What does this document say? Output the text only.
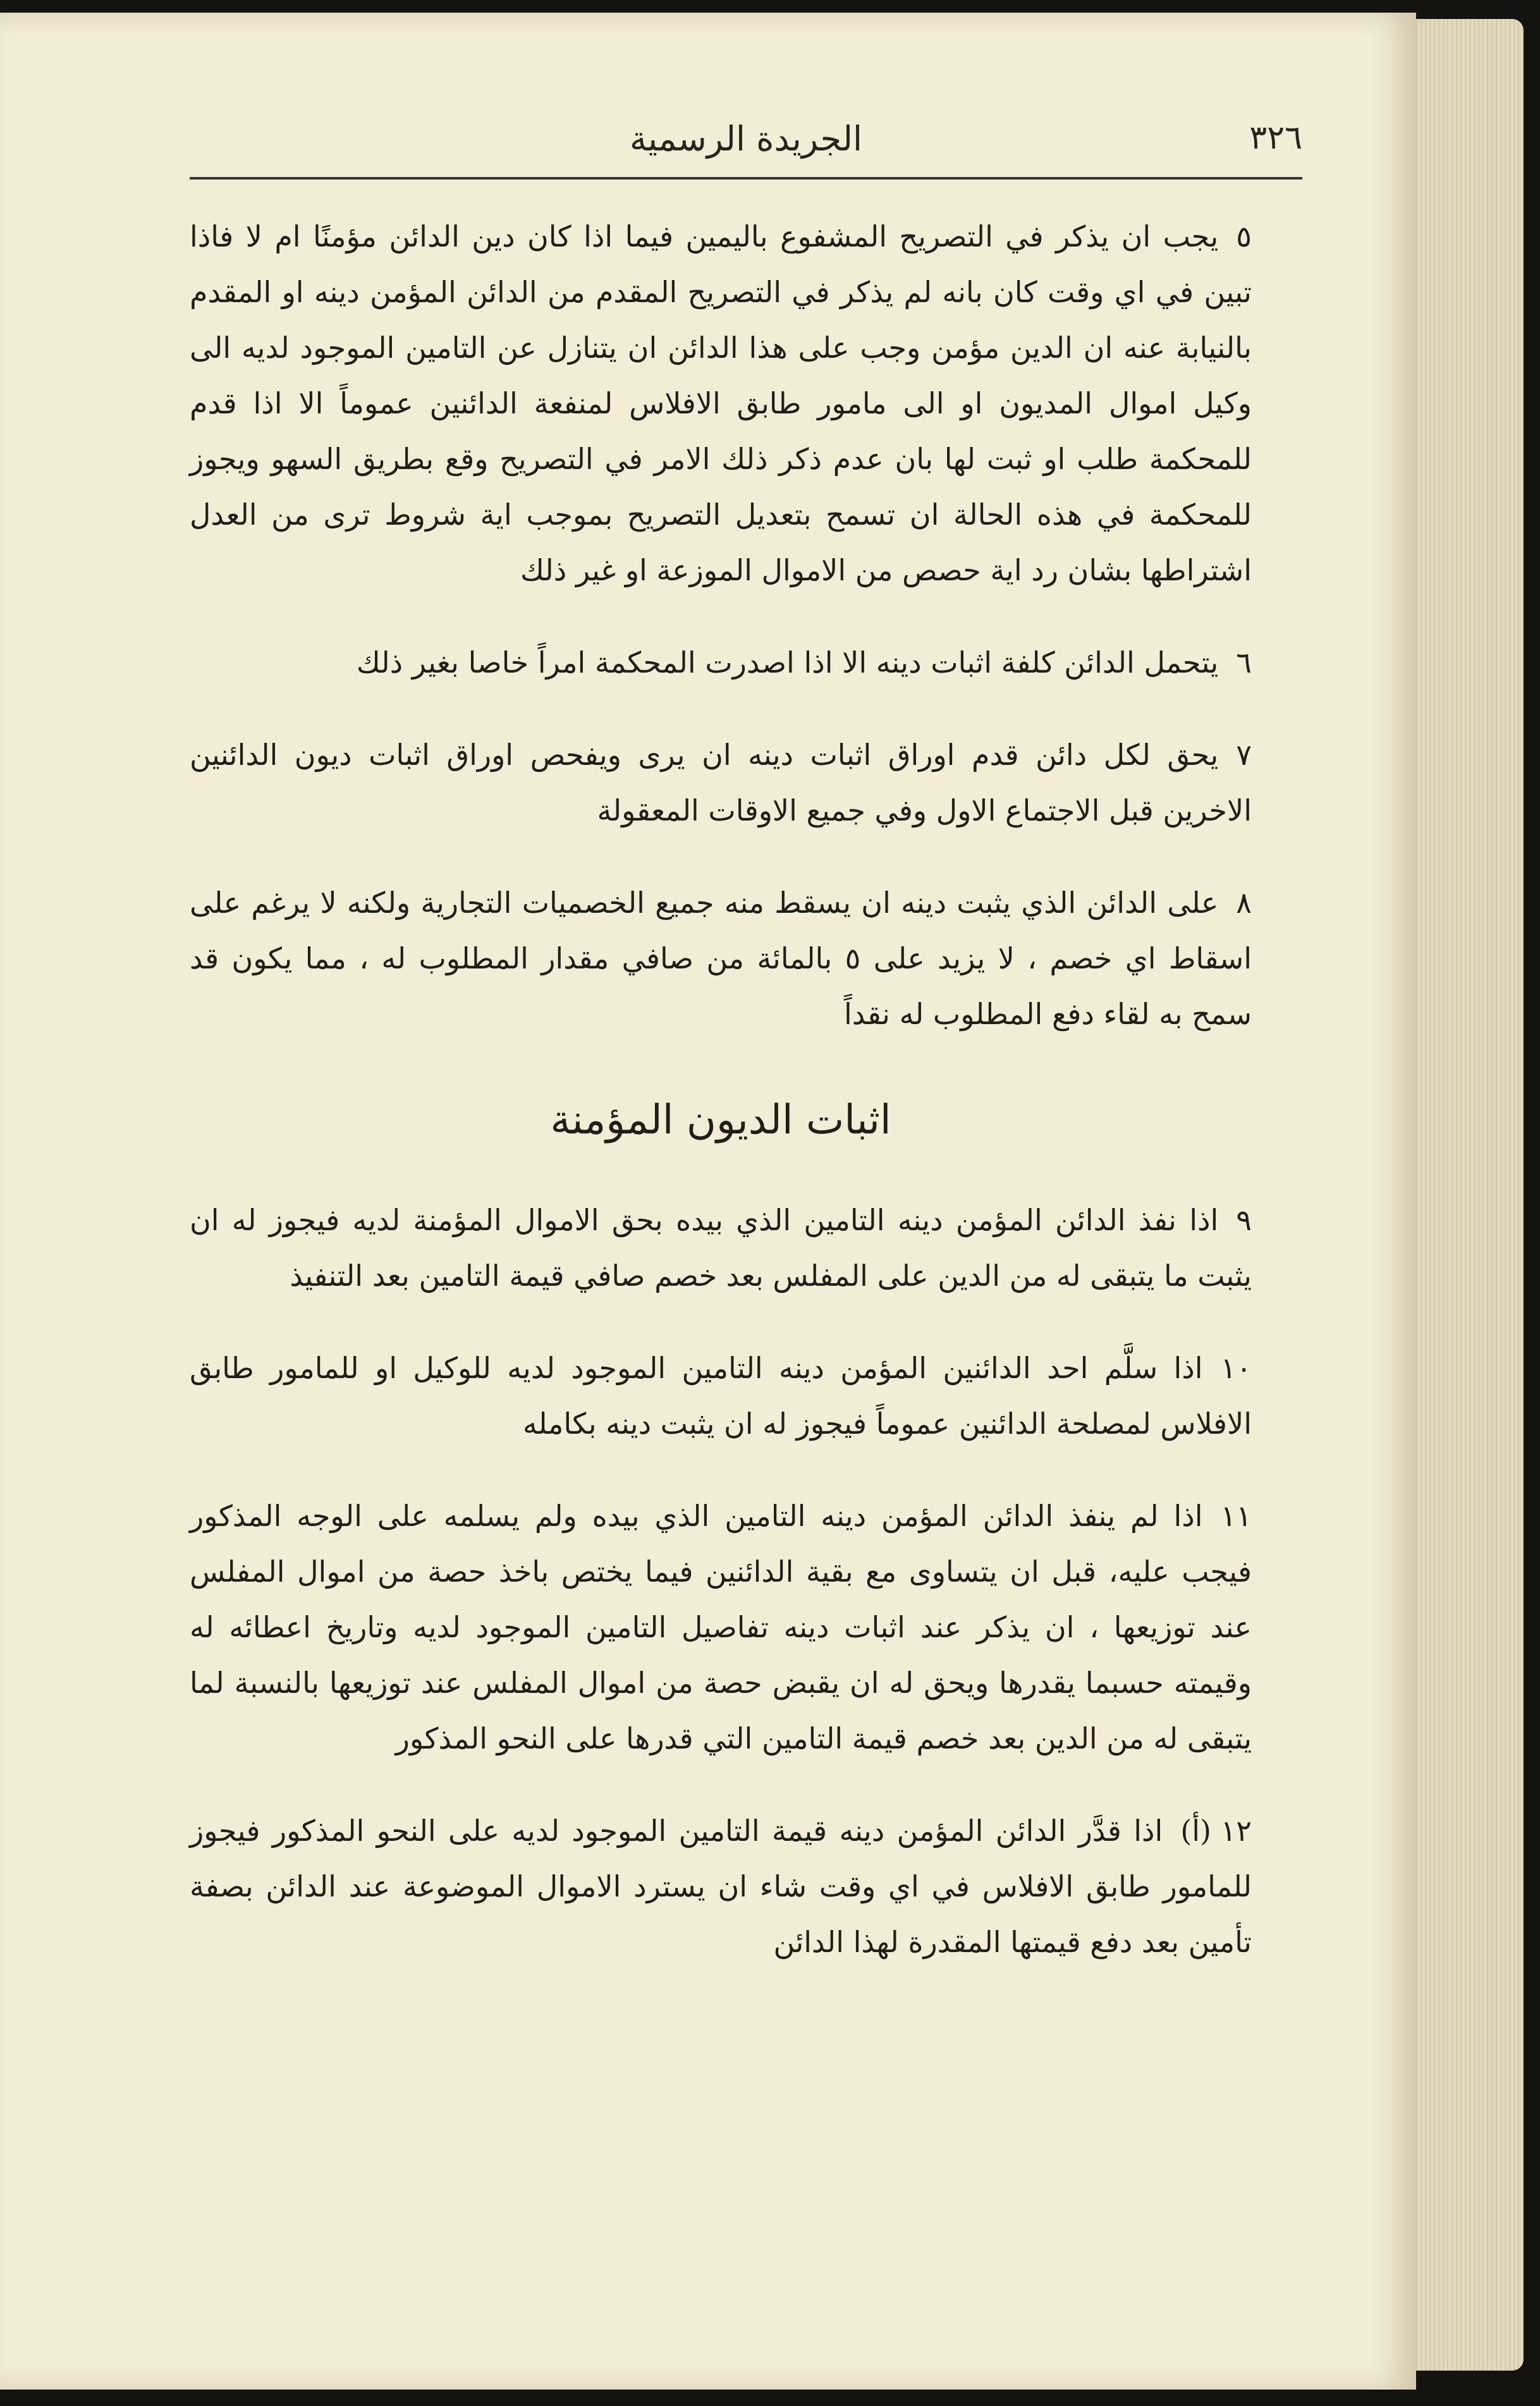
٣٢٦
الجريدة الرسمية

٥يجب ان يذكر في التصريح المشفوع باليمين فيما اذا كان دين الدائن مؤمنًا ام لا فاذا تبين في اي وقت كان بانه لم يذكر في التصريح المقدم من الدائن المؤمن دينه او المقدم بالنيابة عنه ان الدين مؤمن وجب على هذا الدائن ان يتنازل عن التامين الموجود لديه الى وكيل اموال المديون او الى مامور طابق الافلاس لمنفعة الدائنين عموماً الا اذا قدم للمحكمة طلب او ثبت لها بان عدم ذكر ذلك الامر في التصريح وقع بطريق السهو ويجوز للمحكمة في هذه الحالة ان تسمح بتعديل التصريح بموجب اية شروط ترى من العدل اشتراطها بشان رد اية حصص من الاموال الموزعة او غير ذلك

٦يتحمل الدائن كلفة اثبات دينه الا اذا اصدرت المحكمة امراً خاصا بغير ذلك

٧يحق لكل دائن قدم اوراق اثبات دينه ان يرى ويفحص اوراق اثبات ديون الدائنين الاخرين قبل الاجتماع الاول وفي جميع الاوقات المعقولة

٨على الدائن الذي يثبت دينه ان يسقط منه جميع الخصميات التجارية ولكنه لا يرغم على اسقاط اي خصم ، لا يزيد على ٥ بالمائة من صافي مقدار المطلوب له ، مما يكون قد سمح به لقاء دفع المطلوب له نقداً

اثبات الديون المؤمنة

٩اذا نفذ الدائن المؤمن دينه التامين الذي بيده بحق الاموال المؤمنة لديه فيجوز له ان يثبت ما يتبقى له من الدين على المفلس بعد خصم صافي قيمة التامين بعد التنفيذ

١٠اذا سلَّم احد الدائنين المؤمن دينه التامين الموجود لديه للوكيل او للمامور طابق الافلاس لمصلحة الدائنين عموماً فيجوز له ان يثبت دينه بكامله

١١اذا لم ينفذ الدائن المؤمن دينه التامين الذي بيده ولم يسلمه على الوجه المذكور فيجب عليه، قبل ان يتساوى مع بقية الدائنين فيما يختص باخذ حصة من اموال المفلس عند توزيعها ، ان يذكر عند اثبات دينه تفاصيل التامين الموجود لديه وتاريخ اعطائه له وقيمته حسبما يقدرها ويحق له ان يقبض حصة من اموال المفلس عند توزيعها بالنسبة لما يتبقى له من الدين بعد خصم قيمة التامين التي قدرها على النحو المذكور

١٢ (أ)اذا قدَّر الدائن المؤمن دينه قيمة التامين الموجود لديه على النحو المذكور فيجوز للمامور طابق الافلاس في اي وقت شاء ان يسترد الاموال الموضوعة عند الدائن بصفة تأمين بعد دفع قيمتها المقدرة لهذا الدائن
